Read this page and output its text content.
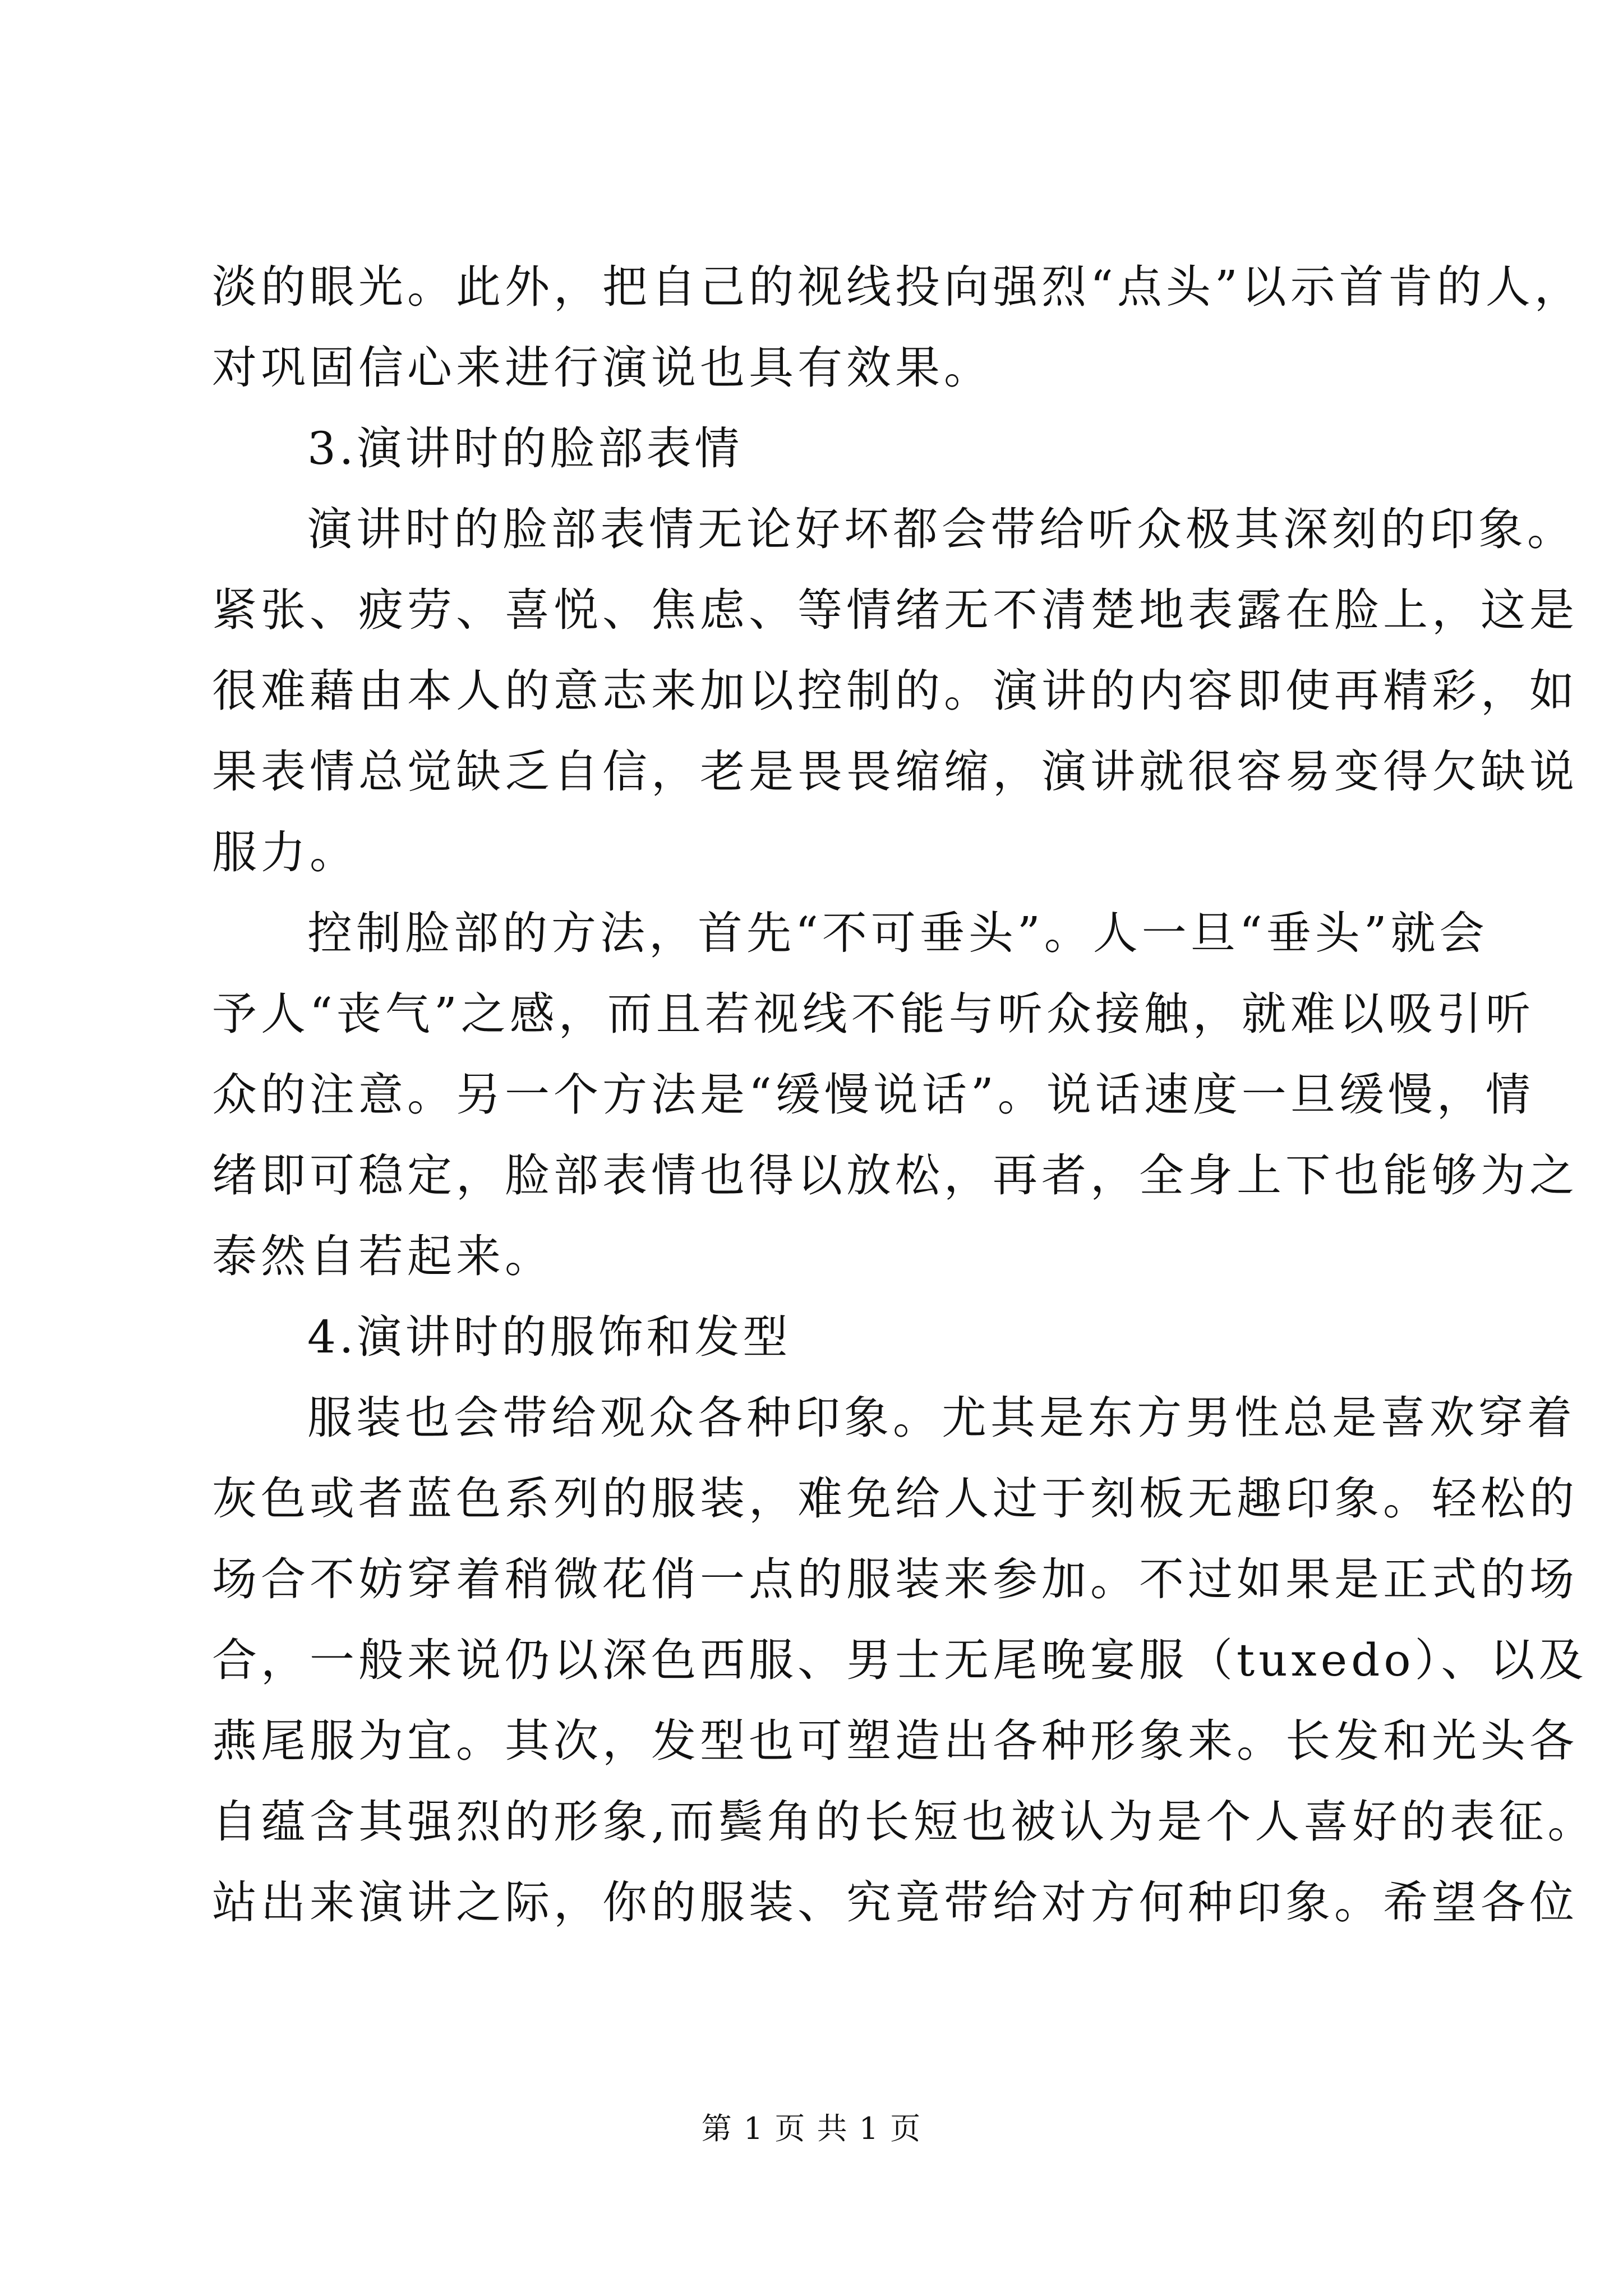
淡的眼光。此外，把自己的视线投向强烈“点头”以示首肯的人，
对巩固信心来进行演说也具有效果。
3.演讲时的脸部表情
演讲时的脸部表情无论好坏都会带给听众极其深刻的印象。
紧张、疲劳、喜悦、焦虑、等情绪无不清楚地表露在脸上，这是
很难藉由本人的意志来加以控制的。演讲的内容即使再精彩，如
果表情总觉缺乏自信，老是畏畏缩缩，演讲就很容易变得欠缺说
服力。
控制脸部的方法，首先“不可垂头”。人一旦“垂头”就会
予人“丧气”之感，而且若视线不能与听众接触，就难以吸引听
众的注意。另一个方法是“缓慢说话”。说话速度一旦缓慢，情
绪即可稳定，脸部表情也得以放松，再者，全身上下也能够为之
泰然自若起来。
4.演讲时的服饰和发型
服装也会带给观众各种印象。尤其是东方男性总是喜欢穿着
灰色或者蓝色系列的服装，难免给人过于刻板无趣印象。轻松的
场合不妨穿着稍微花俏一点的服装来参加。不过如果是正式的场
合，一般来说仍以深色西服、男士无尾晚宴服（tuxedo）、以及
燕尾服为宜。其次，发型也可塑造出各种形象来。长发和光头各
自蕴含其强烈的形象,而鬓角的长短也被认为是个人喜好的表征。
站出来演讲之际，你的服装、究竟带给对方何种印象。希望各位
第 1 页 共 1 页
